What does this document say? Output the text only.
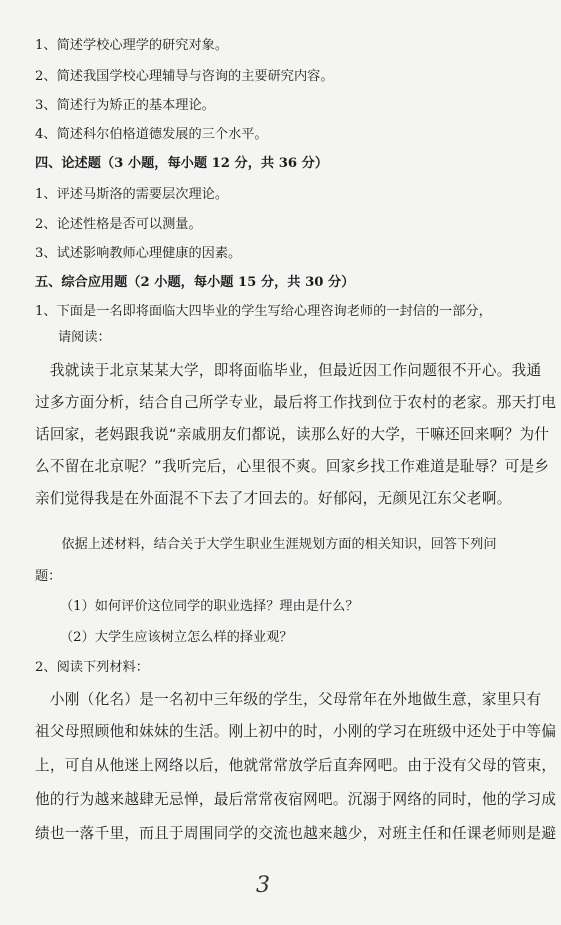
1、简述学校心理学的研究对象。
2、简述我国学校心理辅导与咨询的主要研究内容。
3、简述行为矫正的基本理论。
4、简述科尔伯格道德发展的三个水平。
四、论述题（3 小题，每小题 12 分，共 36 分）
1、评述马斯洛的需要层次理论。
2、论述性格是否可以测量。
3、试述影响教师心理健康的因素。
五、综合应用题（2 小题，每小题 15 分，共 30 分）
1、下面是一名即将面临大四毕业的学生写给心理咨询老师的一封信的一部分，
请阅读：
　我就读于北京某某大学，即将面临毕业，但最近因工作问题很不开心。我通
过多方面分析，结合自己所学专业，最后将工作找到位于农村的老家。那天打电
话回家，老妈跟我说“亲戚朋友们都说，读那么好的大学，干嘛还回来啊？为什
么不留在北京呢？”我听完后，心里很不爽。回家乡找工作难道是耻辱？可是乡
亲们觉得我是在外面混不下去了才回去的。好郁闷，无颜见江东父老啊。
　　依据上述材料，结合关于大学生职业生涯规划方面的相关知识，回答下列问
题：
（1）如何评价这位同学的职业选择？理由是什么？
（2）大学生应该树立怎么样的择业观？
2、阅读下列材料：
　小刚（化名）是一名初中三年级的学生，父母常年在外地做生意，家里只有
祖父母照顾他和妹妹的生活。刚上初中的时，小刚的学习在班级中还处于中等偏
上，可自从他迷上网络以后，他就常常放学后直奔网吧。由于没有父母的管束，
他的行为越来越肆无忌惮，最后常常夜宿网吧。沉溺于网络的同时，他的学习成
绩也一落千里，而且于周围同学的交流也越来越少，对班主任和任课老师则是避
3
